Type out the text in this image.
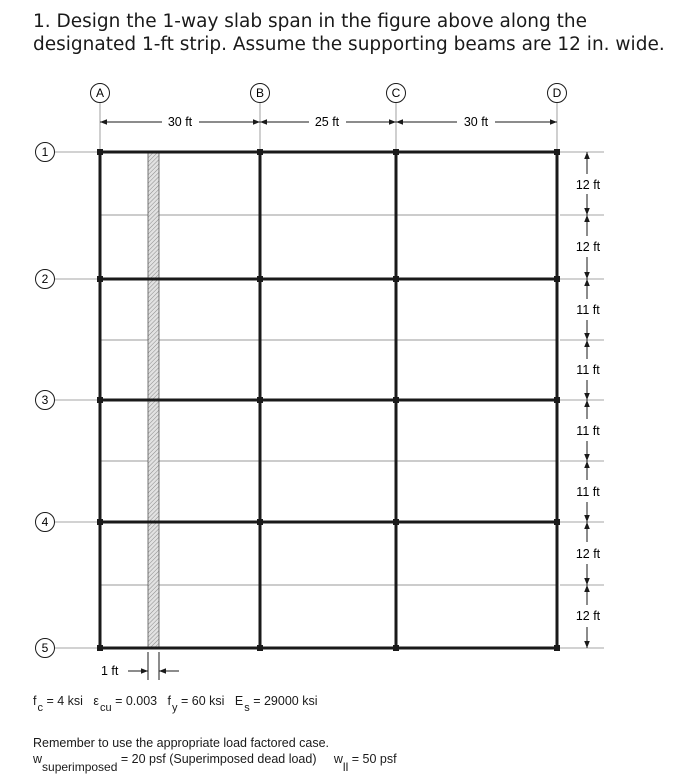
1. Design the 1-way slab span in the figure above along the designated 1-ft strip. Assume the supporting beams are 12 in. wide.

A	B	C	D
30 ft	25 ft	30 ft
1
2
3
4
5
12 ft
12 ft
11 ft
11 ft
11 ft
11 ft
12 ft
12 ft
1 ft
$f_c = 4$ ksi $\varepsilon_{cu} = 0.003$ $f_y = 60$ ksi $E_s = 29000$ ksi
Remember to use the appropriate load factored case.
$w_{superimposed} = 20$ psf (Superimposed dead load) $w_{ll} = 50$ psf
